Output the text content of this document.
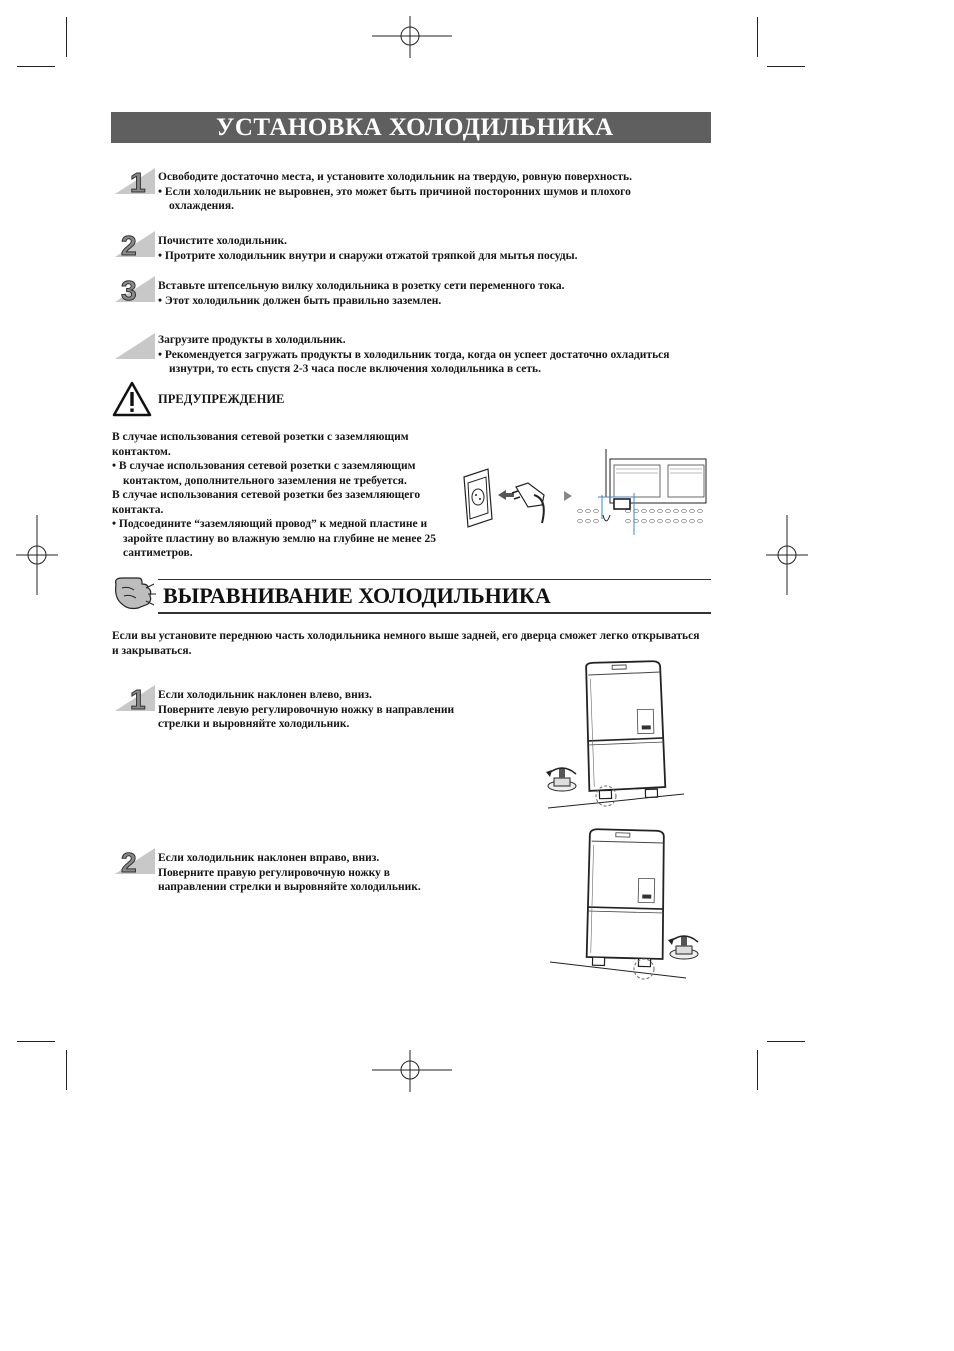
УСТАНОВКА ХОЛОДИЛЬНИКА
1 Освободите достаточно места, и установите холодильник на твердую, ровную поверхность.

• Если холодильник не выровнен, это может быть причиной посторонних шумов и плохого охлаждения.

2 Почистите холодильник.

• Протрите холодильник внутри и снаружи отжатой тряпкой для мытья посуды.

3 Вставьте штепсельную вилку холодильника в розетку сети переменного тока.

• Этот холодильник должен быть правильно заземлен.

Загрузите продукты в холодильник.

• Рекомендуется загружать продукты в холодильник тогда, когда он успеет достаточно охладиться изнутри, то есть спустя 2-3 часа после включения холодильника в сеть.

ПРЕДУПРЕЖДЕНИЕ

В случае использования сетевой розетки с заземляющим контактом.

• В случае использования сетевой розетки с заземляющим контактом, дополнительного заземления не требуется.

В случае использования сетевой розетки без заземляющего контакта.

• Подсоедините “заземляющий провод” к медной пластине и заройте пластину во влажную землю на глубине не менее 25 сантиметров.

ВЫРАВНИВАНИЕ ХОЛОДИЛЬНИКА
Если вы установите переднюю часть холодильника немного выше задней, его дверца сможет легко открываться и закрываться.
1 Если холодильник наклонен влево, вниз.

Поверните левую регулировочную ножку в направлении стрелки и выровняйте холодильник.

2 Если холодильник наклонен вправо, вниз.

Поверните правую регулировочную ножку в направлении стрелки и выровняйте холодильник.
